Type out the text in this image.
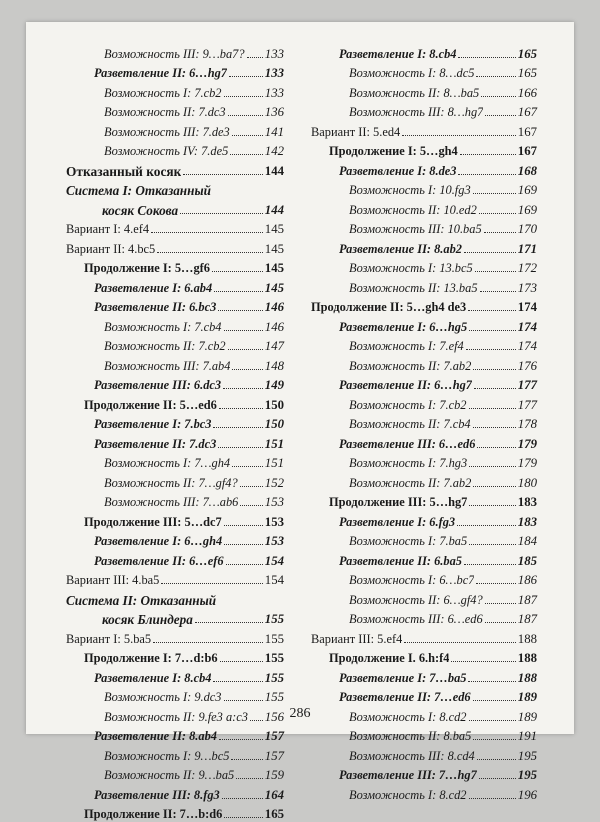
Возможность III: 9…ba7? 133
Разветвление II: 6…hg7	133
Возможность I: 7.cb2	133
Возможность II: 7.dc3	136
Возможность III: 7.de3	141
Возможность IV: 7.de5	142
Отказанный косяк	144
Система I: Отказанный
косяк Сокова	144
Вариант I: 4.ef4	145
Вариант II: 4.bc5	145
Продолжение I: 5…gf6	145
Разветвление I: 6.ab4	145
Разветвление II: 6.bc3	146
Возможность I: 7.cb4	146
Возможность II: 7.cb2	147
Возможность III: 7.ab4	148
Разветвление III: 6.dc3	149
Продолжение II: 5…ed6	150
Разветвление I: 7.bc3	150
Разветвление II: 7.dc3	151
Возможность I: 7…gh4	151
Возможность II: 7…gf4? 152
Возможность III: 7…ab6 153
Продолжение III: 5…dc7	153
Разветвление I: 6…gh4	153
Разветвление II: 6…ef6	154
Вариант III: 4.ba5	154
Система II: Отказанный
косяк Блиндера	155
Вариант I: 5.ba5	155
Продолжение I: 7…d:b6	155
Разветвление I: 8.cb4	155
Возможность I: 9.dc3	155
Возможность II: 9.fe3 a:c3 156
Разветвление II: 8.ab4	157
Возможность I: 9…bc5	157
Возможность II: 9…ba5 159
Разветвление III: 8.fg3	164
Продолжение II: 7…b:d6	165
Разветвление I: 8.cb4	165
Возможность I: 8…dc5	165
Возможность II: 8…ba5	166
Возможность III: 8…hg7	167
Вариант II: 5.ed4	167
Продолжение I: 5…gh4	167
Разветвление I: 8.de3	168
Возможность I: 10.fg3	169
Возможность II: 10.ed2	169
Возможность III: 10.ba5	170
Разветвление II: 8.ab2	171
Возможность I: 13.bc5	172
Возможность II: 13.ba5	173
Продолжение II: 5…gh4 de3	174
Разветвление I: 6…hg5	174
Возможность I: 7.ef4	174
Возможность II: 7.ab2	176
Разветвление II: 6…hg7	177
Возможность I: 7.cb2	177
Возможность II: 7.cb4	178
Разветвление III: 6…ed6	179
Возможность I: 7.hg3	179
Возможность II: 7.ab2	180
Продолжение III: 5…hg7	183
Разветвление I: 6.fg3	183
Возможность I: 7.ba5	184
Разветвление II: 6.ba5	185
Возможность I: 6…bc7	186
Возможность II: 6…gf4?	187
Возможность III: 6…ed6	187
Вариант III: 5.ef4	188
Продолжение I. 6.h:f4	188
Разветвление I: 7…ba5	188
Разветвление II: 7…ed6	189
Возможность I: 8.cd2	189
Возможность II: 8.ba5	191
Возможность III: 8.cd4	195
Разветвление III: 7…hg7	195
Возможность I: 8.cd2	196
286
